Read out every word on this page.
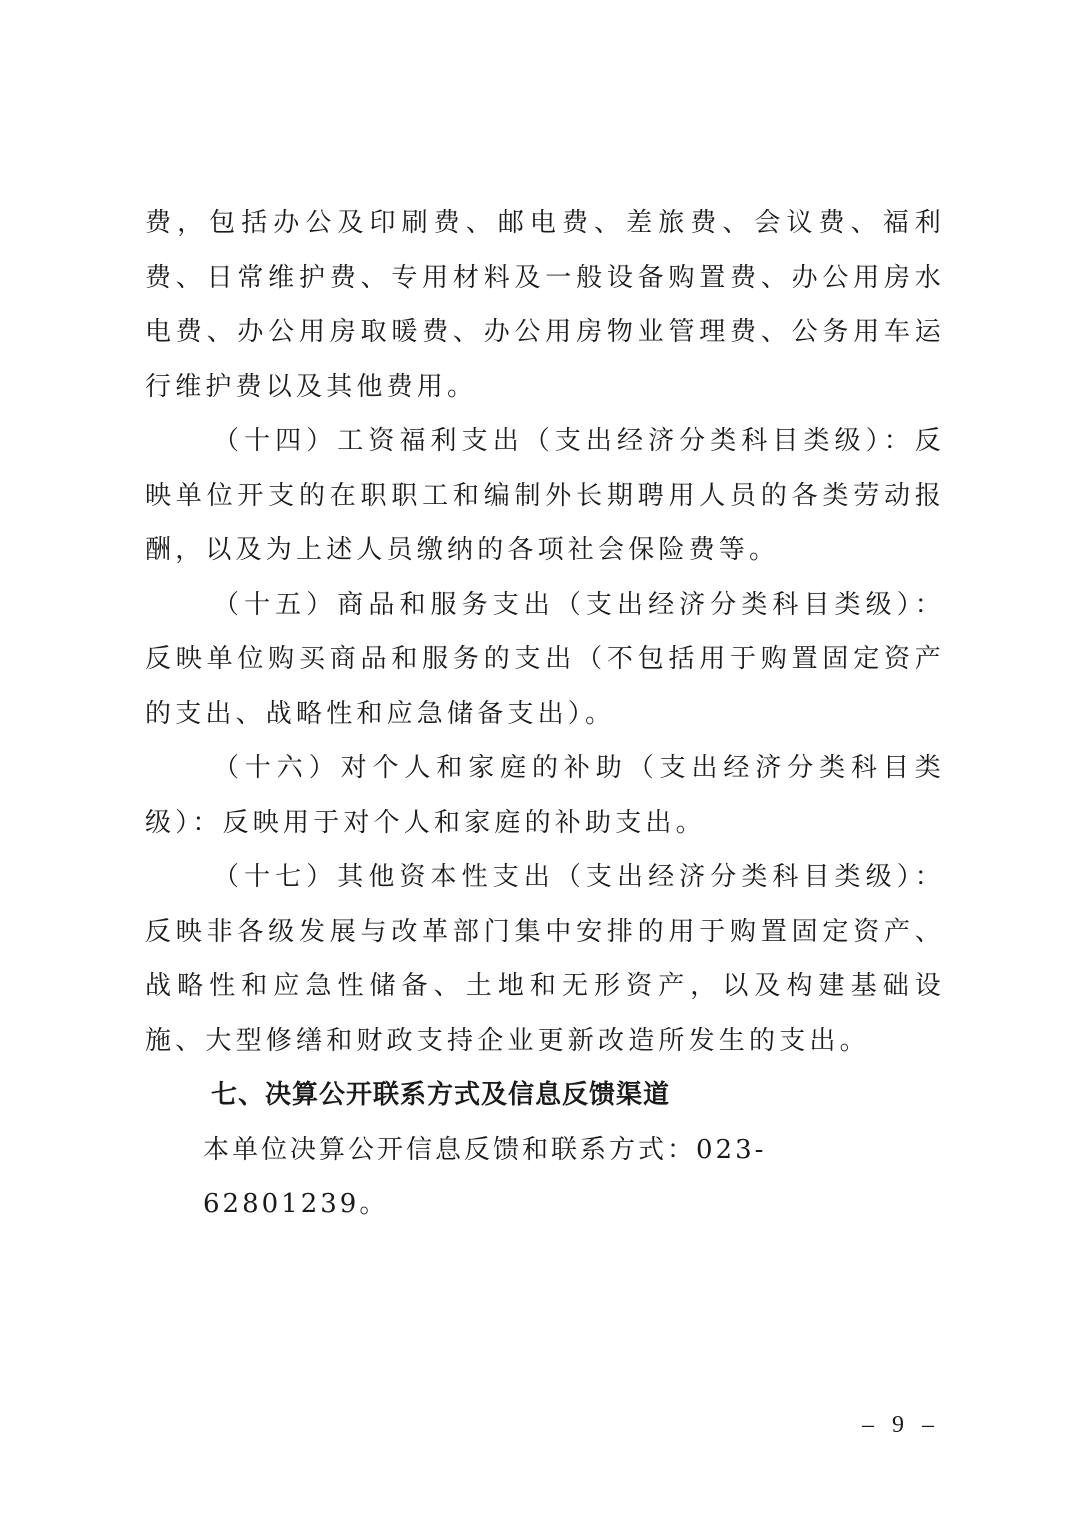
费，包括办公及印刷费、邮电费、差旅费、会议费、福利费、日常维护费、专用材料及一般设备购置费、办公用房水电费、办公用房取暖费、办公用房物业管理费、公务用车运行维护费以及其他费用。

（十四）工资福利支出（支出经济分类科目类级）：反映单位开支的在职职工和编制外长期聘用人员的各类劳动报酬，以及为上述人员缴纳的各项社会保险费等。

（十五）商品和服务支出（支出经济分类科目类级）：反映单位购买商品和服务的支出（不包括用于购置固定资产的支出、战略性和应急储备支出）。

（十六）对个人和家庭的补助（支出经济分类科目类级）：反映用于对个人和家庭的补助支出。

（十七）其他资本性支出（支出经济分类科目类级）：反映非各级发展与改革部门集中安排的用于购置固定资产、战略性和应急性储备、土地和无形资产，以及构建基础设施、大型修缮和财政支持企业更新改造所发生的支出。

七、决算公开联系方式及信息反馈渠道

本单位决算公开信息反馈和联系方式：023-62801239。

– 9 –
